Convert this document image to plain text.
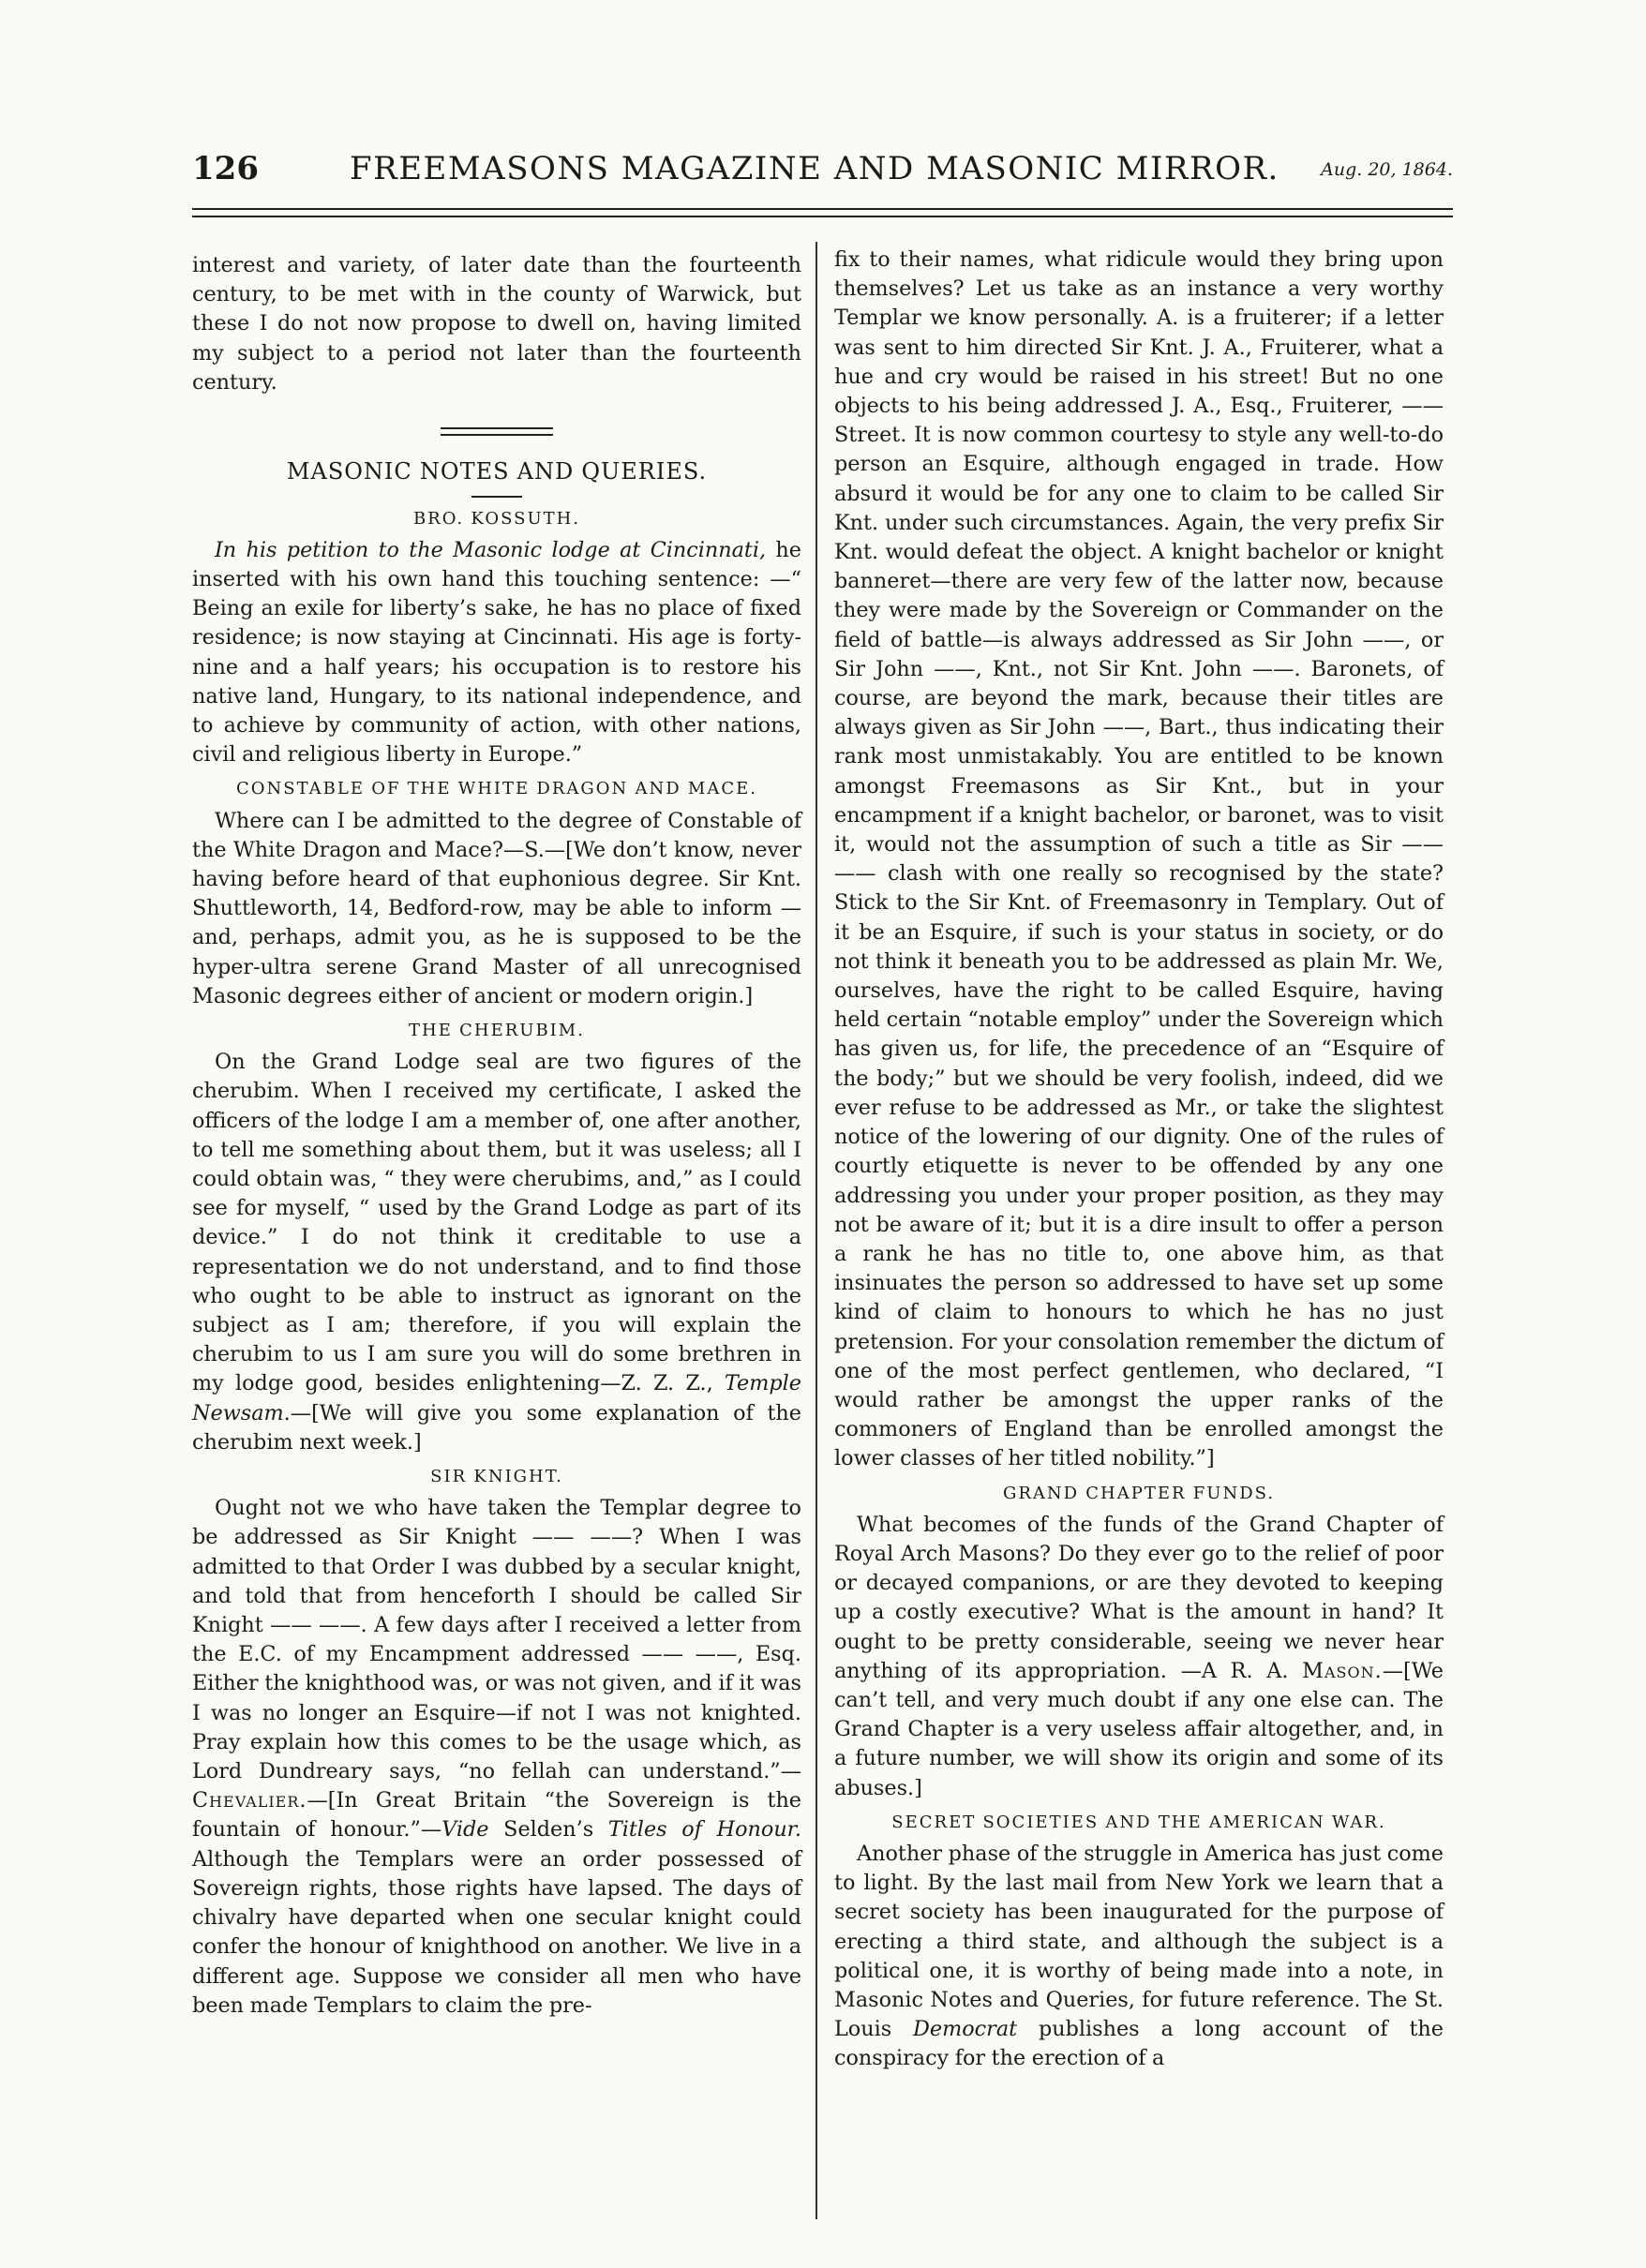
126	FREEMASONS MAGAZINE AND MASONIC MIRROR. Aug. 20, 1864.

interest and variety, of later date than the fourteenth century, to be met with in the county of Warwick, but these I do not now propose to dwell on, having limited my subject to a period not later than the fourteenth century.

MASONIC NOTES AND QUERIES.
BRO. KOSSUTH.

In his petition to the Masonic lodge at Cincinnati, he inserted with his own hand this touching sentence: —“ Being an exile for liberty’s sake, he has no place of fixed residence; is now staying at Cincinnati. His age is forty-nine and a half years; his occupation is to restore his native land, Hungary, to its national independence, and to achieve by community of action, with other nations, civil and religious liberty in Europe.”

CONSTABLE OF THE WHITE DRAGON AND MACE.

Where can I be admitted to the degree of Constable of the White Dragon and Mace?—S.—[We don’t know, never having before heard of that euphonious degree. Sir Knt. Shuttleworth, 14, Bedford-row, may be able to inform — and, perhaps, admit you, as he is supposed to be the hyper-ultra serene Grand Master of all unrecognised Masonic degrees either of ancient or modern origin.]

THE CHERUBIM.

On the Grand Lodge seal are two figures of the cherubim. When I received my certificate, I asked the officers of the lodge I am a member of, one after another, to tell me something about them, but it was useless; all I could obtain was, “ they were cherubims, and,” as I could see for myself, “ used by the Grand Lodge as part of its device.” I do not think it creditable to use a representation we do not understand, and to find those who ought to be able to instruct as ignorant on the subject as I am; therefore, if you will explain the cherubim to us I am sure you will do some brethren in my lodge good, besides enlightening—Z. Z. Z., Temple Newsam.—[We will give you some explanation of the cherubim next week.]

SIR KNIGHT.

Ought not we who have taken the Templar degree to be addressed as Sir Knight —— ——? When I was admitted to that Order I was dubbed by a secular knight, and told that from henceforth I should be called Sir Knight —— ——. A few days after I received a letter from the E.C. of my Encampment addressed —— ——, Esq. Either the knighthood was, or was not given, and if it was I was no longer an Esquire—if not I was not knighted. Pray explain how this comes to be the usage which, as Lord Dundreary says, “no fellah can understand.”—Chevalier.—[In Great Britain “the Sovereign is the fountain of honour.”—Vide Selden’s Titles of Honour. Although the Templars were an order possessed of Sovereign rights, those rights have lapsed. The days of chivalry have departed when one secular knight could confer the honour of knighthood on another. We live in a different age. Suppose we consider all men who have been made Templars to claim the pre-

fix to their names, what ridicule would they bring upon themselves? Let us take as an instance a very worthy Templar we know personally. A. is a fruiterer; if a letter was sent to him directed Sir Knt. J. A., Fruiterer, what a hue and cry would be raised in his street! But no one objects to his being addressed J. A., Esq., Fruiterer, —— Street. It is now common courtesy to style any well-to-do person an Esquire, although engaged in trade. How absurd it would be for any one to claim to be called Sir Knt. under such circumstances. Again, the very prefix Sir Knt. would defeat the object. A knight bachelor or knight banneret—there are very few of the latter now, because they were made by the Sovereign or Commander on the field of battle—is always addressed as Sir John ——, or Sir John ——, Knt., not Sir Knt. John ——. Baronets, of course, are beyond the mark, because their titles are always given as Sir John ——, Bart., thus indicating their rank most unmistakably. You are entitled to be known amongst Freemasons as Sir Knt., but in your encampment if a knight bachelor, or baronet, was to visit it, would not the assumption of such a title as Sir —— —— clash with one really so recognised by the state? Stick to the Sir Knt. of Freemasonry in Templary. Out of it be an Esquire, if such is your status in society, or do not think it beneath you to be addressed as plain Mr. We, ourselves, have the right to be called Esquire, having held certain “notable employ” under the Sovereign which has given us, for life, the precedence of an “Esquire of the body;” but we should be very foolish, indeed, did we ever refuse to be addressed as Mr., or take the slightest notice of the lowering of our dignity. One of the rules of courtly etiquette is never to be offended by any one addressing you under your proper position, as they may not be aware of it; but it is a dire insult to offer a person a rank he has no title to, one above him, as that insinuates the person so addressed to have set up some kind of claim to honours to which he has no just pretension. For your consolation remember the dictum of one of the most perfect gentlemen, who declared, “I would rather be amongst the upper ranks of the commoners of England than be enrolled amongst the lower classes of her titled nobility.”]

GRAND CHAPTER FUNDS.

What becomes of the funds of the Grand Chapter of Royal Arch Masons? Do they ever go to the relief of poor or decayed companions, or are they devoted to keeping up a costly executive? What is the amount in hand? It ought to be pretty considerable, seeing we never hear anything of its appropriation. —A R. A. Mason.—[We can’t tell, and very much doubt if any one else can. The Grand Chapter is a very useless affair altogether, and, in a future number, we will show its origin and some of its abuses.]

SECRET SOCIETIES AND THE AMERICAN WAR.

Another phase of the struggle in America has just come to light. By the last mail from New York we learn that a secret society has been inaugurated for the purpose of erecting a third state, and although the subject is a political one, it is worthy of being made into a note, in Masonic Notes and Queries, for future reference. The St. Louis Democrat publishes a long account of the conspiracy for the erection of a
